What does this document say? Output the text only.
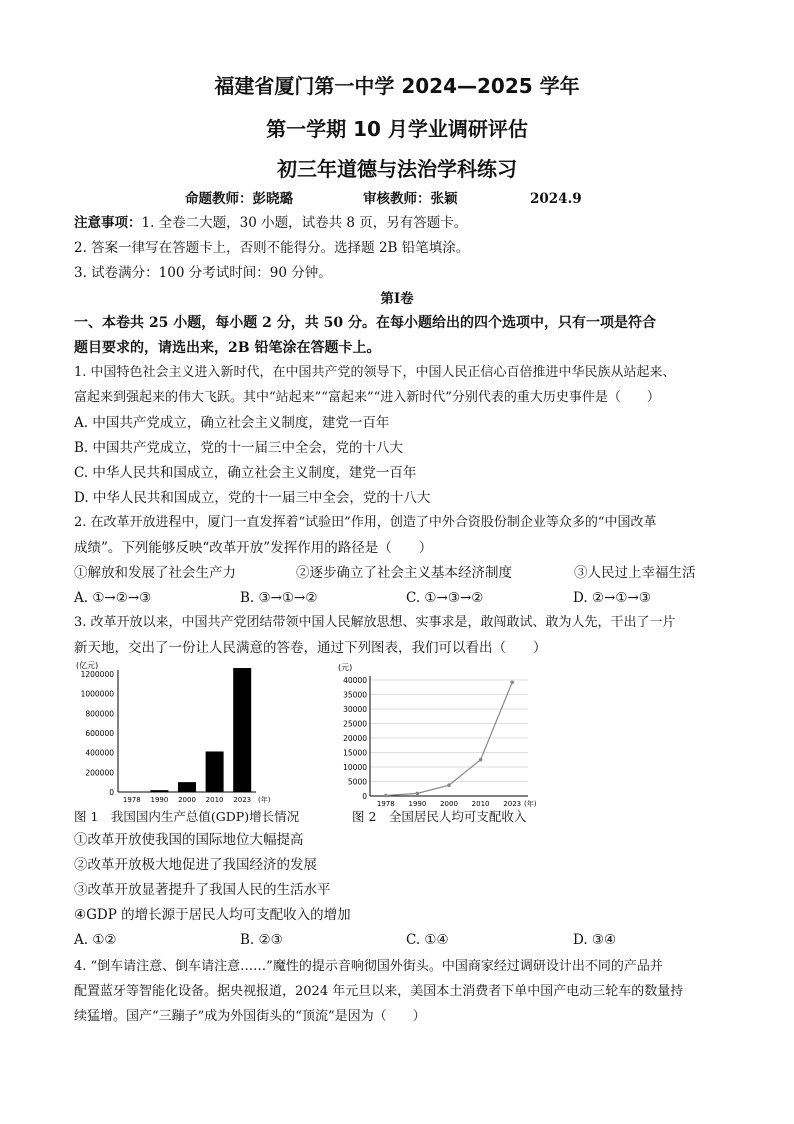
福建省厦门第一中学 2024—2025 学年
第一学期 10 月学业调研评估
初三年道德与法治学科练习
命题教师：彭晓璐	审核教师：张颖	2024.9
注意事项：1. 全卷二大题，30 小题，试卷共 8 页，另有答题卡。
2. 答案一律写在答题卡上，否则不能得分。选择题 2B 铅笔填涂。
3. 试卷满分：100 分考试时间：90 分钟。
第Ⅰ卷
一、本卷共 25 小题，每小题 2 分，共 50 分。在每小题给出的四个选项中，只有一项是符合
题目要求的，请选出来，2B 铅笔涂在答题卡上。
1. 中国特色社会主义进入新时代，在中国共产党的领导下，中国人民正信心百倍推进中华民族从站起来、
富起来到强起来的伟大飞跃。其中“站起来”“富起来”“进入新时代”分别代表的重大历史事件是（　　）
A. 中国共产党成立，确立社会主义制度，建党一百年
B. 中国共产党成立，党的十一届三中全会，党的十八大
C. 中华人民共和国成立，确立社会主义制度，建党一百年
D. 中华人民共和国成立，党的十一届三中全会，党的十八大
2. 在改革开放进程中，厦门一直发挥着“试验田”作用，创造了中外合资股份制企业等众多的“中国改革
成绩”。下列能够反映“改革开放”发挥作用的路径是（　　）
①解放和发展了社会生产力	②逐步确立了社会主义基本经济制度	③人民过上幸福生活
A. ①→②→③	B. ③→①→②	C. ①→③→②	D. ②→①→③
3. 改革开放以来，中国共产党团结带领中国人民解放思想、实事求是，敢闯敢试、敢为人先，干出了一片
新天地，交出了一份让人民满意的答卷，通过下列图表，我们可以看出（　　）
(亿元)
0
200000
400000
600000
800000
1000000
1200000
1978 1990 2000 2010 2023 (年)
(元)
0
5000
10000
15000
20000
25000
30000
35000
40000
1978 1990 2000 2010 2023 (年)
图 1　我国国内生产总值(GDP)增长情况	图 2　全国居民人均可支配收入
①改革开放使我国的国际地位大幅提高
②改革开放极大地促进了我国经济的发展
③改革开放显著提升了我国人民的生活水平
④GDP 的增长源于居民人均可支配收入的增加
A. ①②	B. ②③	C. ①④	D. ③④
4. “倒车请注意、倒车请注意……”魔性的提示音响彻国外街头。中国商家经过调研设计出不同的产品并
配置蓝牙等智能化设备。据央视报道，2024 年元旦以来，美国本土消费者下单中国产电动三轮车的数量持
续猛增。国产“三蹦子”成为外国街头的“顶流”是因为（　　）
